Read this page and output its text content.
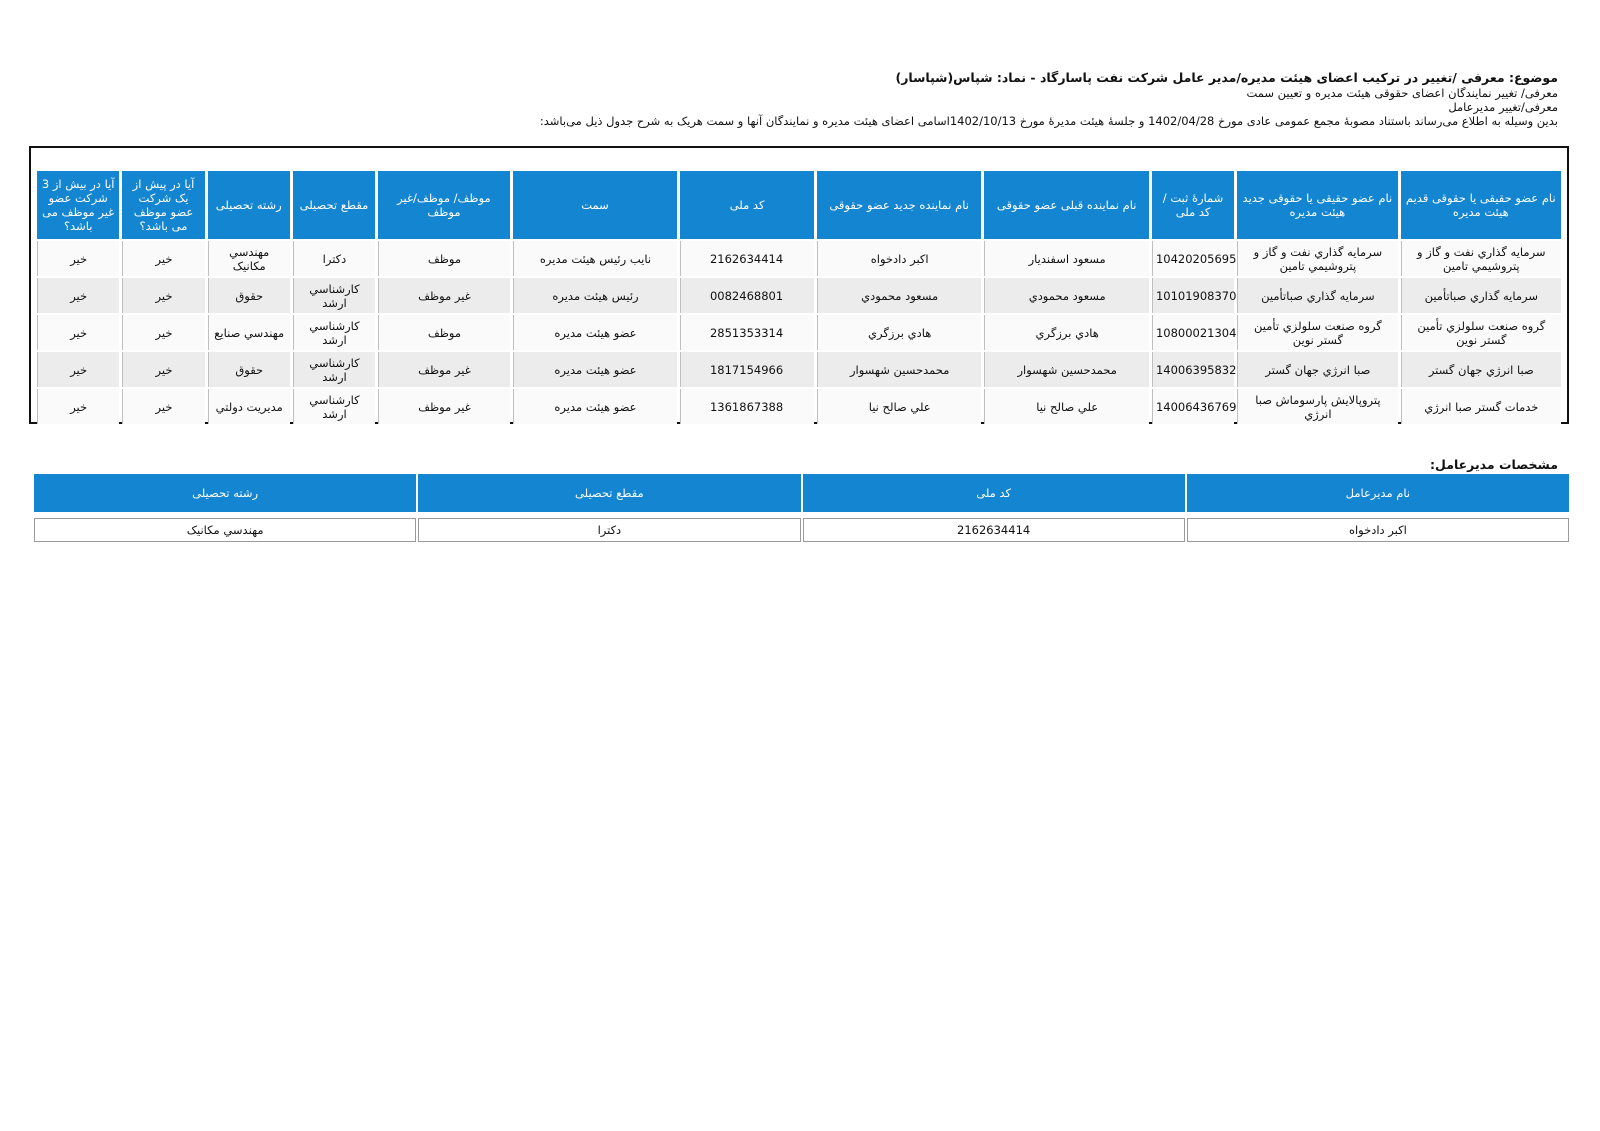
موضوع: معرفی /تغییر در ترکیب اعضای هیئت مدیره/مدیر عامل شرکت نفت پاسارگاد - نماد: شپاس(شپاسار)
معرفی/ تغییر نمایندگان اعضای حقوقی هیئت مدیره و تعیین سمت
معرفی/تغییر مدیرعامل
بدین وسیله به اطلاع می‌رساند باستناد مصوبهٔ مجمع عمومی عادی مورخ 1402/04/28 و جلسهٔ هیئت مدیرهٔ مورخ 1402/10/13اسامی اعضای هیئت مدیره و نمایندگان آنها و سمت هریک به شرح جدول ذیل می‌باشد:
نام عضو حقیقی یا حقوقی قدیم هیئت مدیره	نام عضو حقیقی یا حقوقی جدید هیئت مدیره	شمارهٔ ثبت / کد ملی	نام نماینده قبلی عضو حقوقی	نام نماینده جدید عضو حقوقی	کد ملی	سمت	موظف/ موظف/غیر موظف	مقطع تحصیلی	رشته تحصیلی	آیا در پیش از یک شرکت عضو موظف می باشد؟	آیا در بیش از 3 شرکت عضو غیر موظف می باشد؟
سرمایه گذاري نفت و گاز و پتروشیمي تامین	سرمایه گذاري نفت و گاز و پتروشیمي تامین	10420205695	مسعود اسفندیار	اکبر دادخواه	2162634414	نایب رئیس هیئت مدیره	موظف	دکترا	مهندسي مکانیک	خیر	خیر
سرمایه گذاري صباتأمین	سرمایه گذاري صباتأمین	10101908370	مسعود محمودي	مسعود محمودي	0082468801	رئیس هیئت مدیره	غیر موظف	کارشناسي ارشد	حقوق	خیر	خیر
گروه صنعت سلولزي تأمین گستر نوین	گروه صنعت سلولزي تأمین گستر نوین	10800021304	هادي برزگري	هادي برزگري	2851353314	عضو هیئت مدیره	موظف	کارشناسي ارشد	مهندسي صنایع	خیر	خیر
صبا انرژي جهان گستر	صبا انرژي جهان گستر	14006395832	محمدحسین شهسوار	محمدحسین شهسوار	1817154966	عضو هیئت مدیره	غیر موظف	کارشناسي ارشد	حقوق	خیر	خیر
خدمات گستر صبا انرژي	پتروپالایش پارسوماش صبا انرژي	14006436769	علي صالح نیا	علي صالح نیا	1361867388	عضو هیئت مدیره	غیر موظف	کارشناسي ارشد	مدیریت دولتي	خیر	خیر
مشخصات مدیرعامل:
نام مدیرعامل	کد ملی	مقطع تحصیلی	رشته تحصیلی
اکبر دادخواه	2162634414	دکترا	مهندسي مکانیک
